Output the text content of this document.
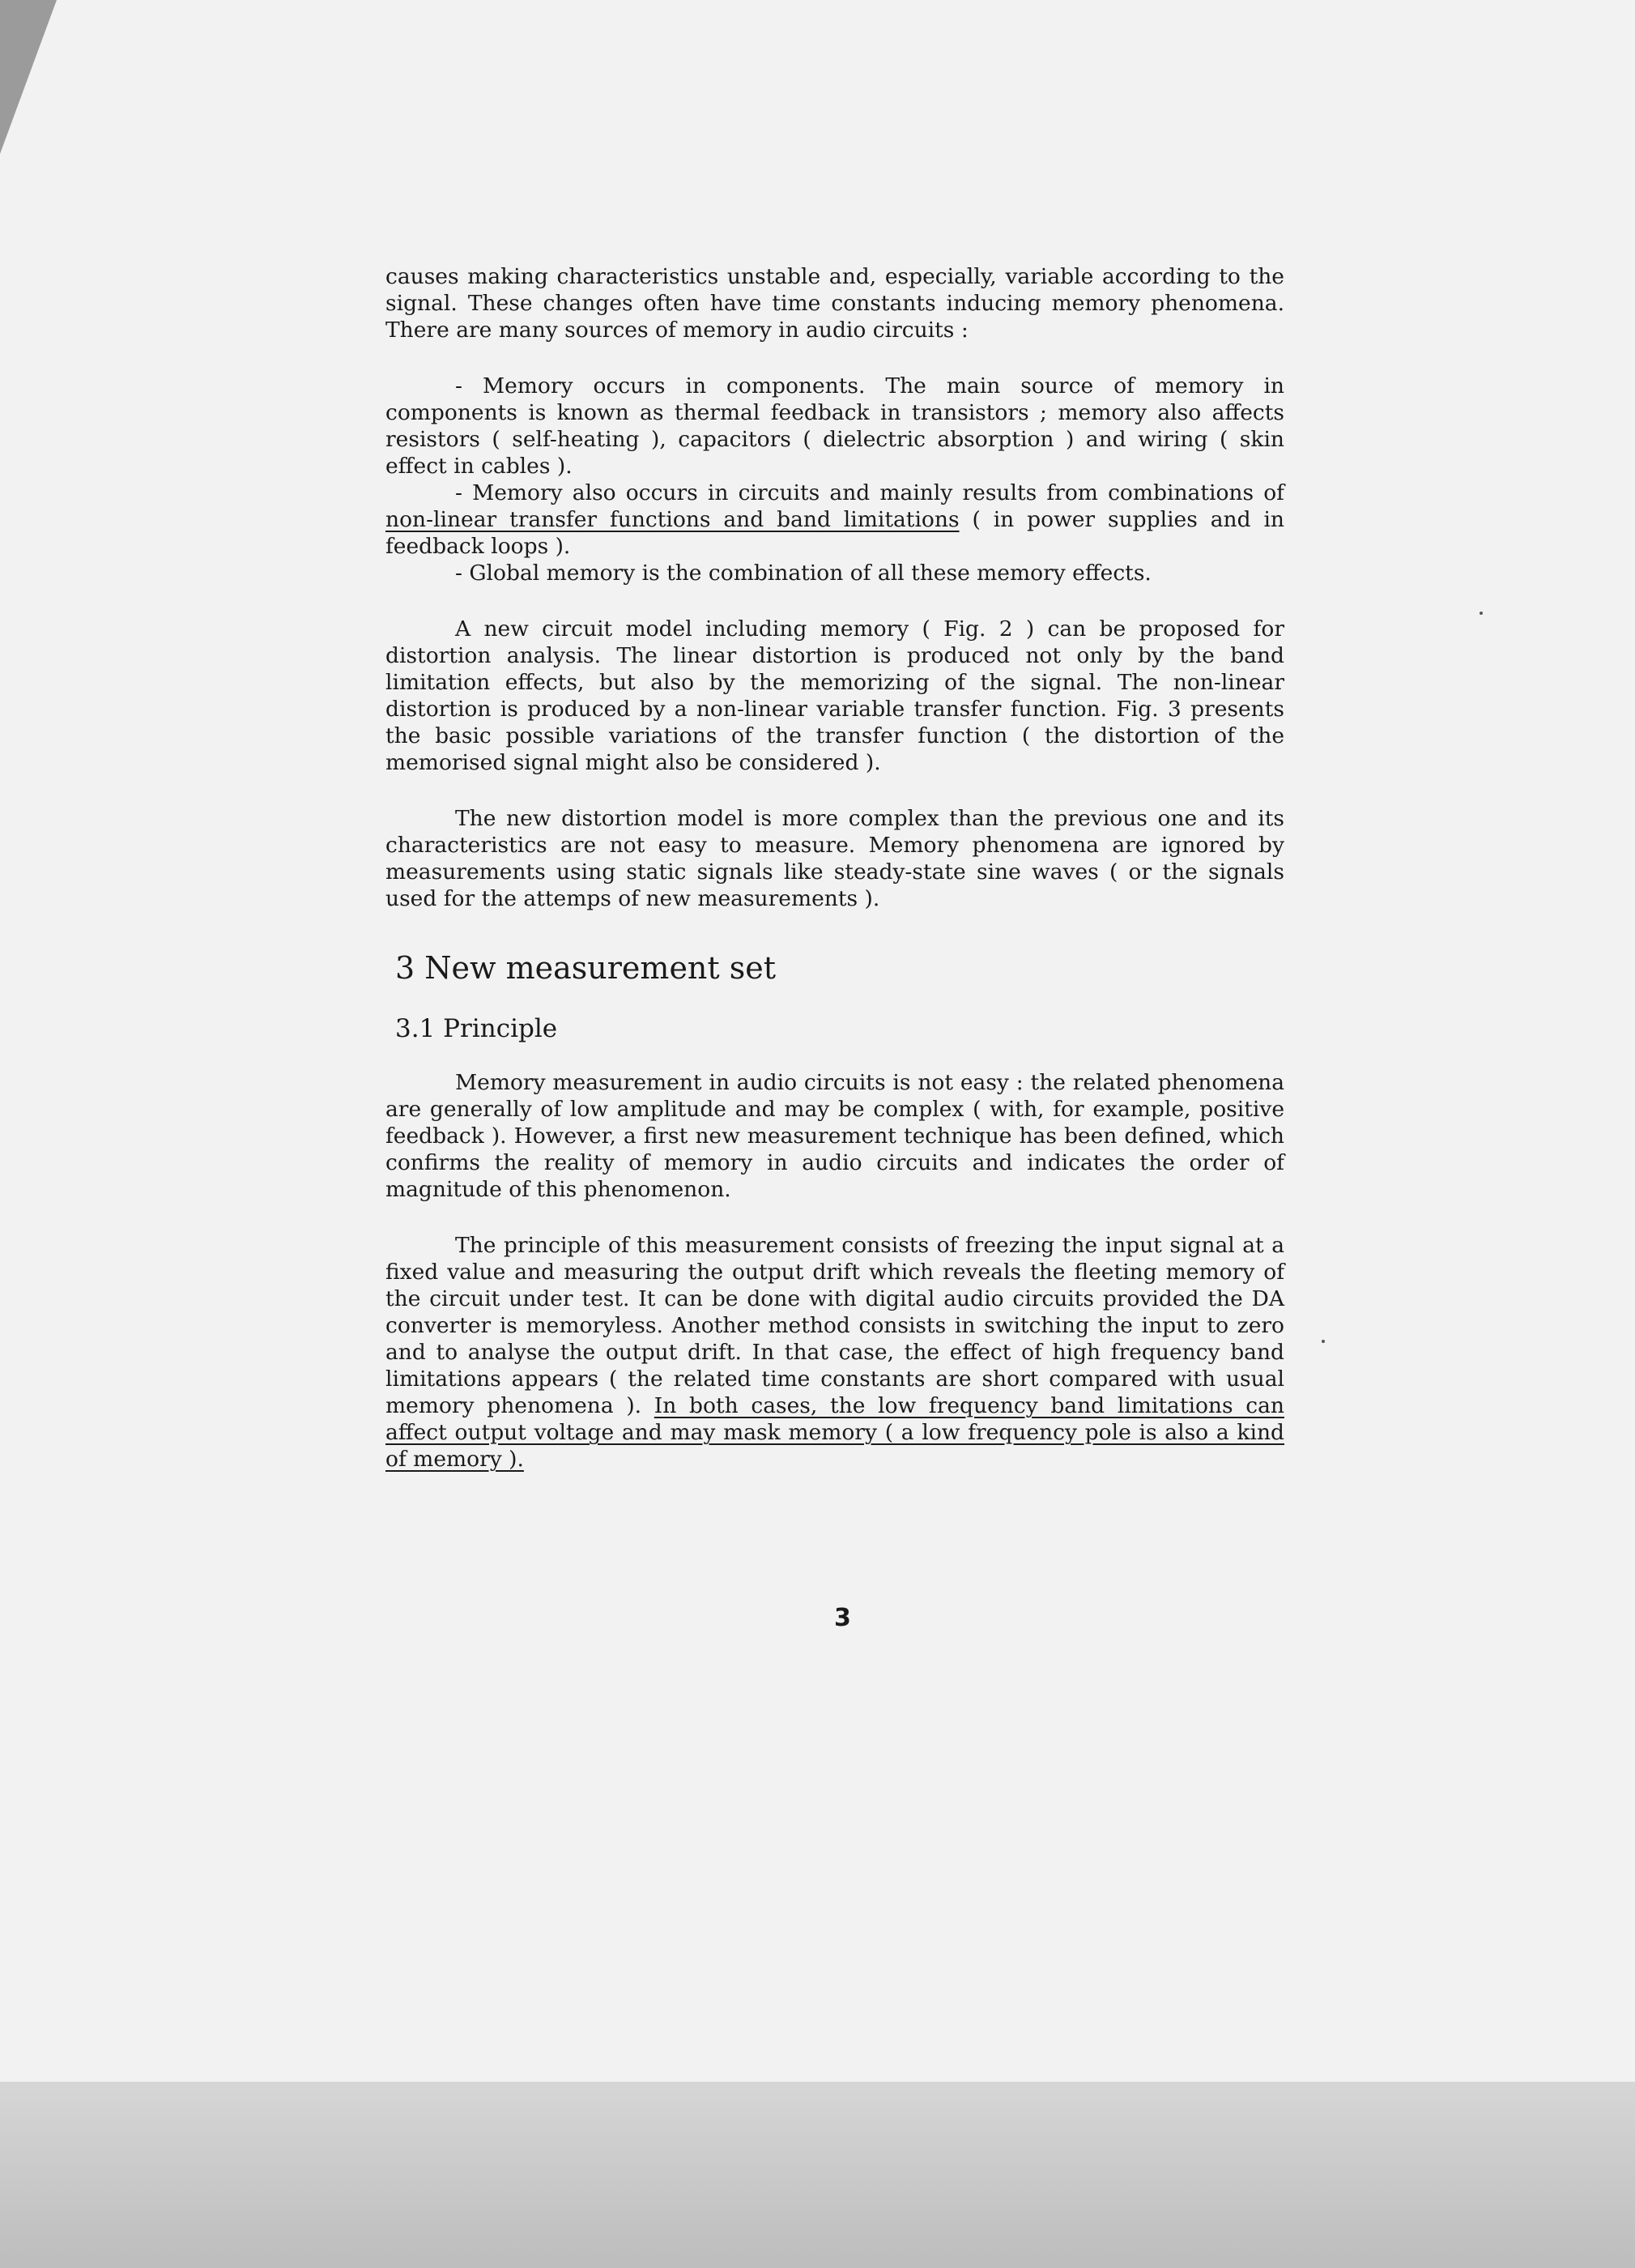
causes making characteristics unstable and, especially, variable according to the signal. These changes often have time constants inducing memory phenomena. There are many sources of memory in audio circuits :

- Memory occurs in components. The main source of memory in components is known as thermal feedback in transistors ; memory also affects resistors ( self-heating ), capacitors ( dielectric absorption ) and wiring ( skin effect in cables ).

- Memory also occurs in circuits and mainly results from combinations of non-linear transfer functions and band limitations ( in power supplies and in feedback loops ).

- Global memory is the combination of all these memory effects.

A new circuit model including memory ( Fig. 2 ) can be proposed for distortion analysis. The linear distortion is produced not only by the band limitation effects, but also by the memorizing of the signal. The non-linear distortion is produced by a non-linear variable transfer function. Fig. 3 presents the basic possible variations of the transfer function ( the distortion of the memorised signal might also be considered ).

The new distortion model is more complex than the previous one and its characteristics are not easy to measure. Memory phenomena are ignored by measurements using static signals like steady-state sine waves ( or the signals used for the attemps of new measurements ).

3 New measurement set
3.1 Principle

Memory measurement in audio circuits is not easy : the related phenomena are generally of low amplitude and may be complex ( with, for example, positive feedback ). However, a first new measurement technique has been defined, which confirms the reality of memory in audio circuits and indicates the order of magnitude of this phenomenon.

The principle of this measurement consists of freezing the input signal at a fixed value and measuring the output drift which reveals the fleeting memory of the circuit under test. It can be done with digital audio circuits provided the DA converter is memoryless. Another method consists in switching the input to zero and to analyse the output drift. In that case, the effect of high frequency band limitations appears ( the related time constants are short compared with usual memory phenomena ). In both cases, the low frequency band limitations can affect output voltage and may mask memory ( a low frequency pole is also a kind of memory ).

3
